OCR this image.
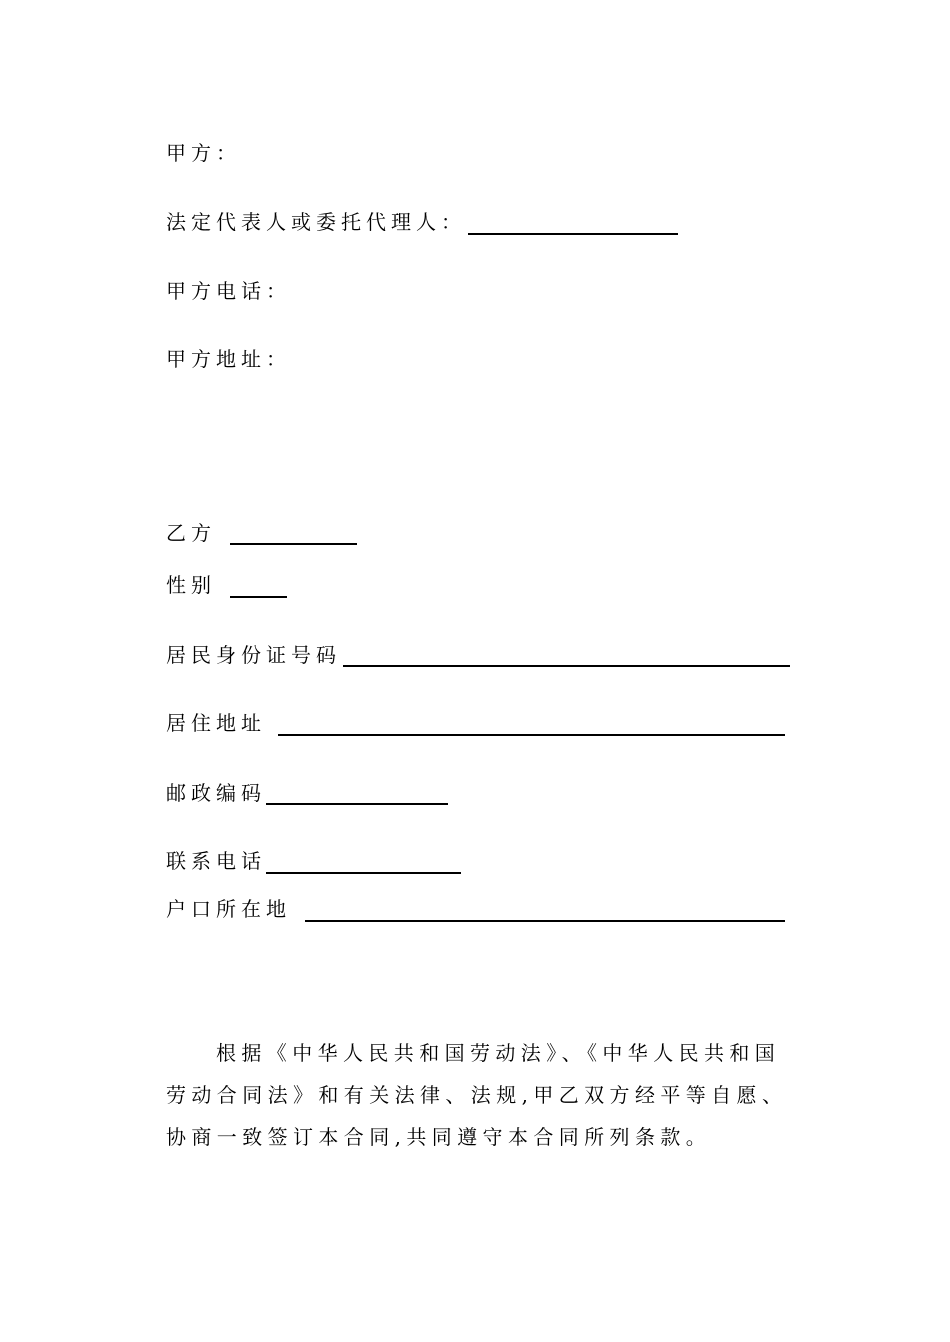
甲方：
法定代表人或委托代理人：
甲方电话：
甲方地址：
乙方
性别
居民身份证号码
居住地址
邮政编码
联系电话
户口所在地
根据《中华人民共和国劳动法》、《中华人民共和国
劳动合同法》和有关法律、法规,甲乙双方经平等自愿、
协商一致签订本合同,共同遵守本合同所列条款。
